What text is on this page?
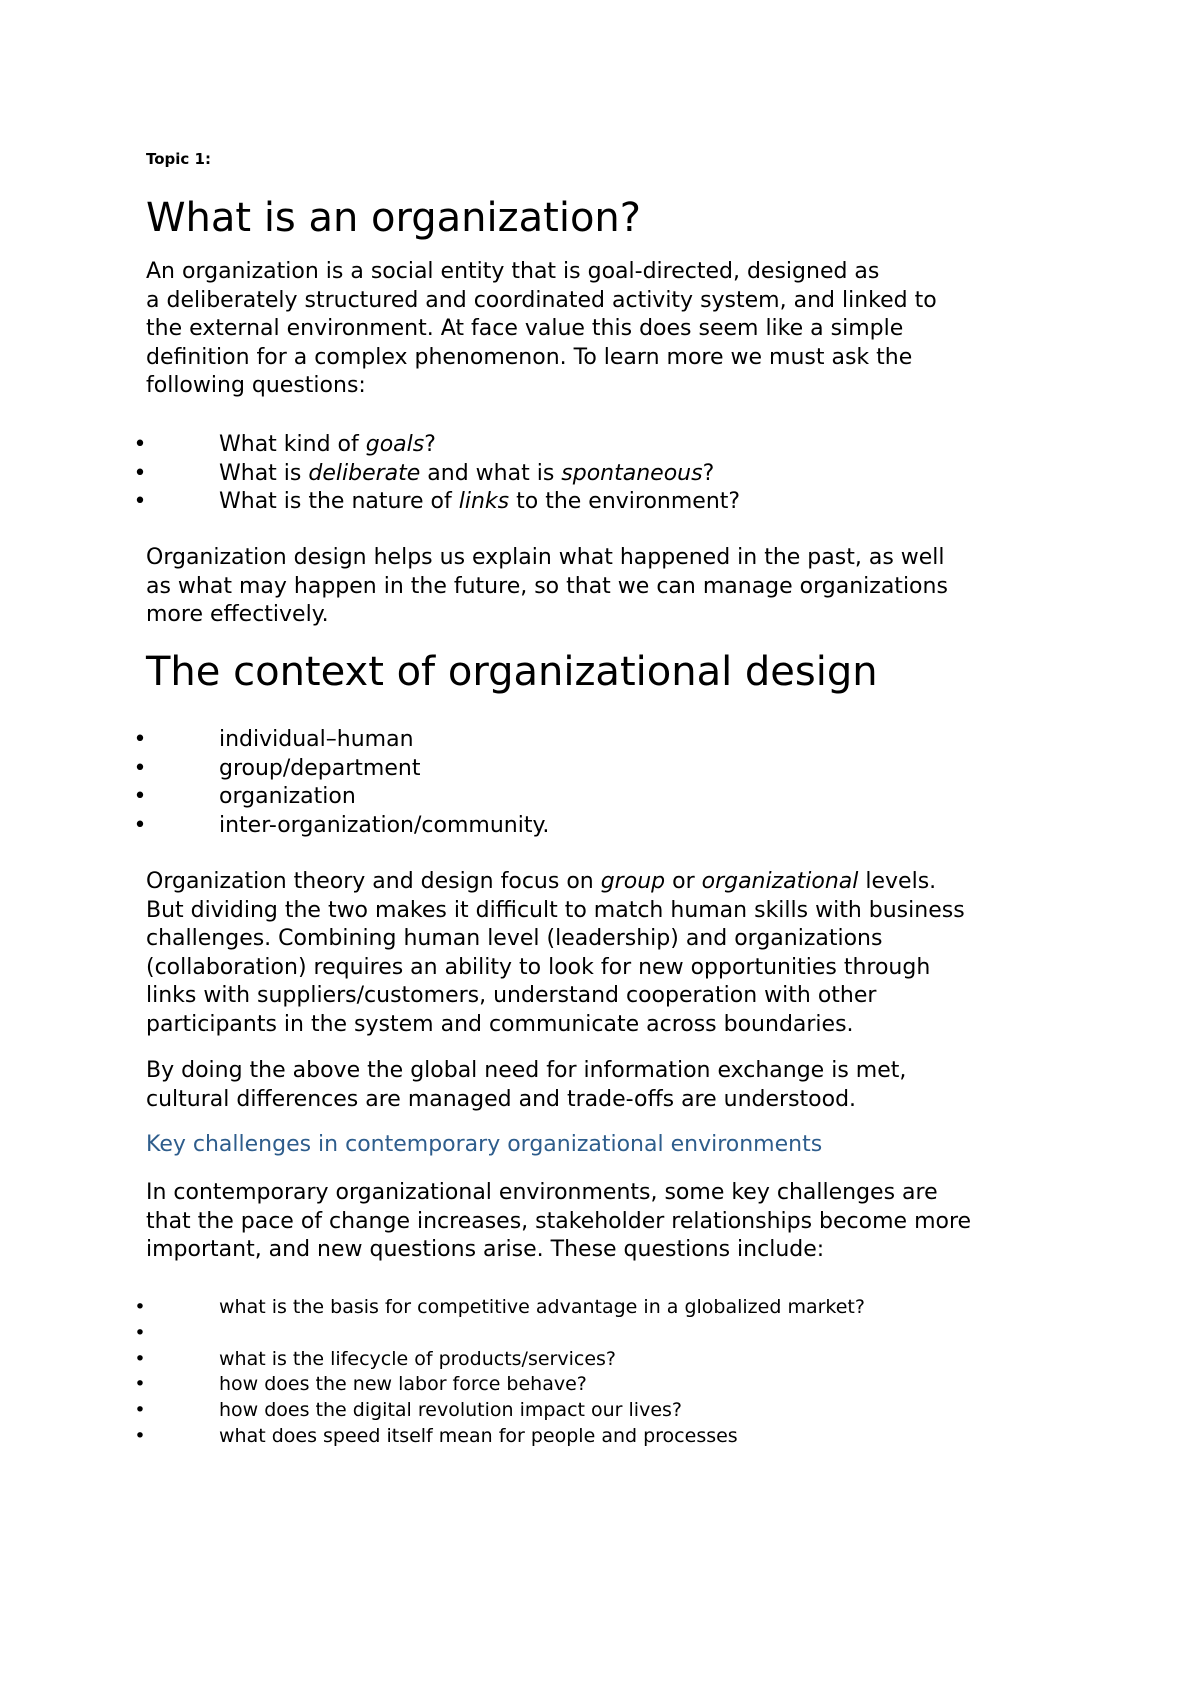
Topic 1:
What is an organization?
An organization is a social entity that is goal-directed, designed as
a deliberately structured and coordinated activity system, and linked to
the external environment. At face value this does seem like a simple
definition for a complex phenomenon. To learn more we must ask the
following questions:
•	What kind of goals?
•	What is deliberate and what is spontaneous?
•	What is the nature of links to the environment?
Organization design helps us explain what happened in the past, as well
as what may happen in the future, so that we can manage organizations
more effectively.
The context of organizational design
•	individual–human
•	group/department
•	organization
•	inter-organization/community.
Organization theory and design focus on group or organizational levels.
But dividing the two makes it difficult to match human skills with business
challenges. Combining human level (leadership) and organizations
(collaboration) requires an ability to look for new opportunities through
links with suppliers/customers, understand cooperation with other
participants in the system and communicate across boundaries.
By doing the above the global need for information exchange is met,
cultural differences are managed and trade-offs are understood.
Key challenges in contemporary organizational environments
In contemporary organizational environments, some key challenges are
that the pace of change increases, stakeholder relationships become more
important, and new questions arise. These questions include:
•	what is the basis for competitive advantage in a globalized market?
•
•	what is the lifecycle of products/services?
•	how does the new labor force behave?
•	how does the digital revolution impact our lives?
•	what does speed itself mean for people and processes
